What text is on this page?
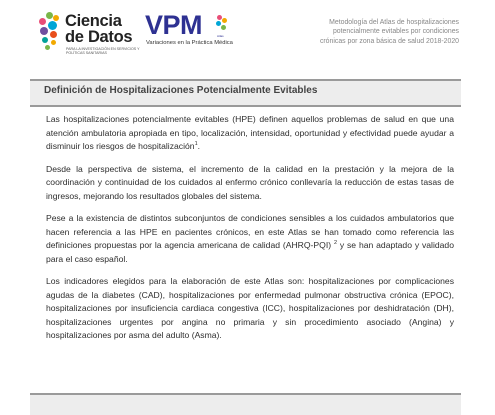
Ciencia
de Datos
PARA LA INVESTIGACIÓN EN SERVICIOS Y POLÍTICAS SANITARIAS
VPM	Atlas
Variaciones en la Práctica Médica
Metodología del Atlas de hospitalizaciones
potencialmente evitables por condiciones
crónicas por zona básica de salud 2018-2020
Definición de Hospitalizaciones Potencialmente Evitables

Las hospitalizaciones potencialmente evitables (HPE) definen aquellos problemas de salud en que una atención ambulatoria apropiada en tipo, localización, intensidad, oportunidad y efectividad puede ayudar a disminuir los riesgos de hospitalización$^1$.

Desde la perspectiva de sistema, el incremento de la calidad en la prestación y la mejora de la coordinación y continuidad de los cuidados al enfermo crónico conllevaría la reducción de estas tasas de ingresos, mejorando los resultados globales del sistema.

Pese a la existencia de distintos subconjuntos de condiciones sensibles a los cuidados ambulatorios que hacen referencia a las HPE en pacientes crónicos, en este Atlas se han tomado como referencia las definiciones propuestas por la agencia americana de calidad (AHRQ-PQI) $^2$ y se han adaptado y validado para el caso español.

Los indicadores elegidos para la elaboración de este Atlas son: hospitalizaciones por complicaciones agudas de la diabetes (CAD), hospitalizaciones por enfermedad pulmonar obstructiva crónica (EPOC), hospitalizaciones por insuficiencia cardiaca congestiva (ICC), hospitalizaciones por deshidratación (DH), hospitalizaciones urgentes por angina no primaria y sin procedimiento asociado (Angina) y hospitalizaciones por asma del adulto (Asma).
